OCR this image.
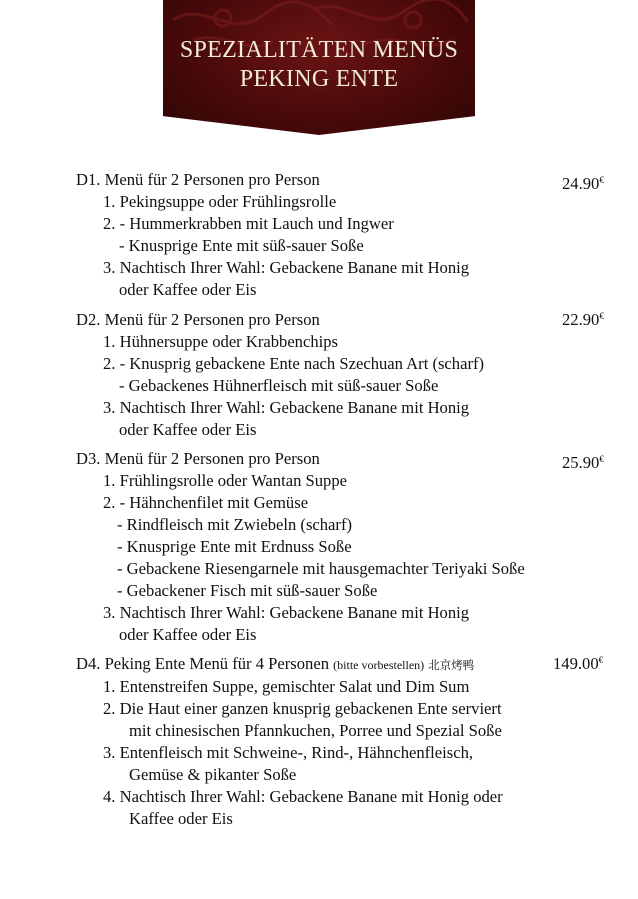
SPEZIALITÄTEN MENÜS
PEKING ENTE
D1. Menü für 2 Personen pro Person	24.90€
1. Pekingsuppe oder Frühlingsrolle
2. - Hummerkrabben mit Lauch und Ingwer
- Knusprige Ente mit süß-sauer Soße
3. Nachtisch Ihrer Wahl: Gebackene Banane mit Honig
oder Kaffee oder Eis
D2. Menü für 2 Personen pro Person	22.90€
1. Hühnersuppe oder Krabbenchips
2. - Knusprig gebackene Ente nach Szechuan Art (scharf)
- Gebackenes Hühnerfleisch mit süß-sauer Soße
3. Nachtisch Ihrer Wahl: Gebackene Banane mit Honig
oder Kaffee oder Eis
D3. Menü für 2 Personen pro Person	25.90€
1. Frühlingsrolle oder Wantan Suppe
2. - Hähnchenfilet mit Gemüse
- Rindfleisch mit Zwiebeln (scharf)
- Knusprige Ente mit Erdnuss Soße
- Gebackene Riesengarnele mit hausgemachter Teriyaki Soße
- Gebackener Fisch mit süß-sauer Soße
3. Nachtisch Ihrer Wahl: Gebackene Banane mit Honig
oder Kaffee oder Eis
D4. Peking Ente Menü für 4 Personen (bitte vorbestellen) 北京烤鸭	149.00€
1. Entenstreifen Suppe, gemischter Salat und Dim Sum
2. Die Haut einer ganzen knusprig gebackenen Ente serviert
mit chinesischen Pfannkuchen, Porree und Spezial Soße
3. Entenfleisch mit Schweine-, Rind-, Hähnchenfleisch,
Gemüse & pikanter Soße
4. Nachtisch Ihrer Wahl: Gebackene Banane mit Honig oder
Kaffee oder Eis
